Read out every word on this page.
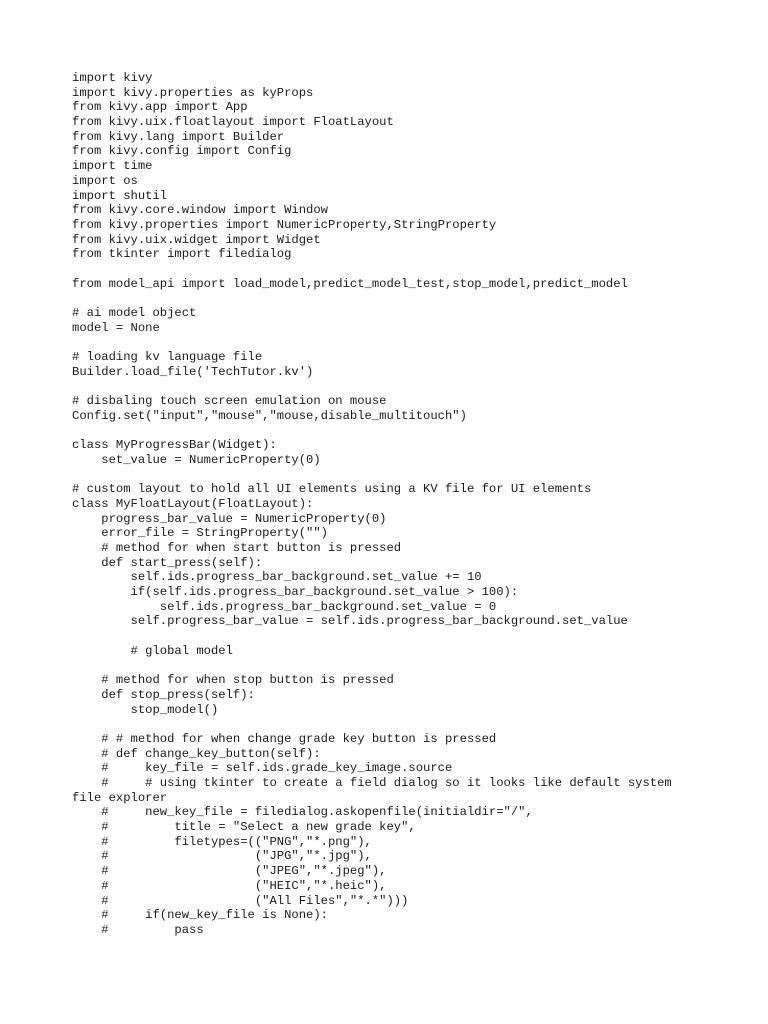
import kivy
import kivy.properties as kyProps
from kivy.app import App
from kivy.uix.floatlayout import FloatLayout
from kivy.lang import Builder
from kivy.config import Config
import time
import os
import shutil
from kivy.core.window import Window
from kivy.properties import NumericProperty,StringProperty
from kivy.uix.widget import Widget
from tkinter import filedialog
from model_api import load_model,predict_model_test,stop_model,predict_model
# ai model object
model = None
# loading kv language file
Builder.load_file('TechTutor.kv')
# disbaling touch screen emulation on mouse
Config.set("input","mouse","mouse,disable_multitouch")
class MyProgressBar(Widget):
set_value = NumericProperty(0)
# custom layout to hold all UI elements using a KV file for UI elements
class MyFloatLayout(FloatLayout):
progress_bar_value = NumericProperty(0)
error_file = StringProperty("")
# method for when start button is pressed
def start_press(self):
self.ids.progress_bar_background.set_value += 10
if(self.ids.progress_bar_background.set_value > 100):
self.ids.progress_bar_background.set_value = 0
self.progress_bar_value = self.ids.progress_bar_background.set_value
# global model
# method for when stop button is pressed
def stop_press(self):
stop_model()
# # method for when change grade key button is pressed
# def change_key_button(self):
#     key_file = self.ids.grade_key_image.source
#     # using tkinter to create a field dialog so it looks like default system
file explorer
#     new_key_file = filedialog.askopenfile(initialdir="/",
#         title = "Select a new grade key",
#         filetypes=(("PNG","*.png"),
#                    ("JPG","*.jpg"),
#                    ("JPEG","*.jpeg"),
#                    ("HEIC","*.heic"),
#                    ("All Files","*.*")))
#     if(new_key_file is None):
#         pass
